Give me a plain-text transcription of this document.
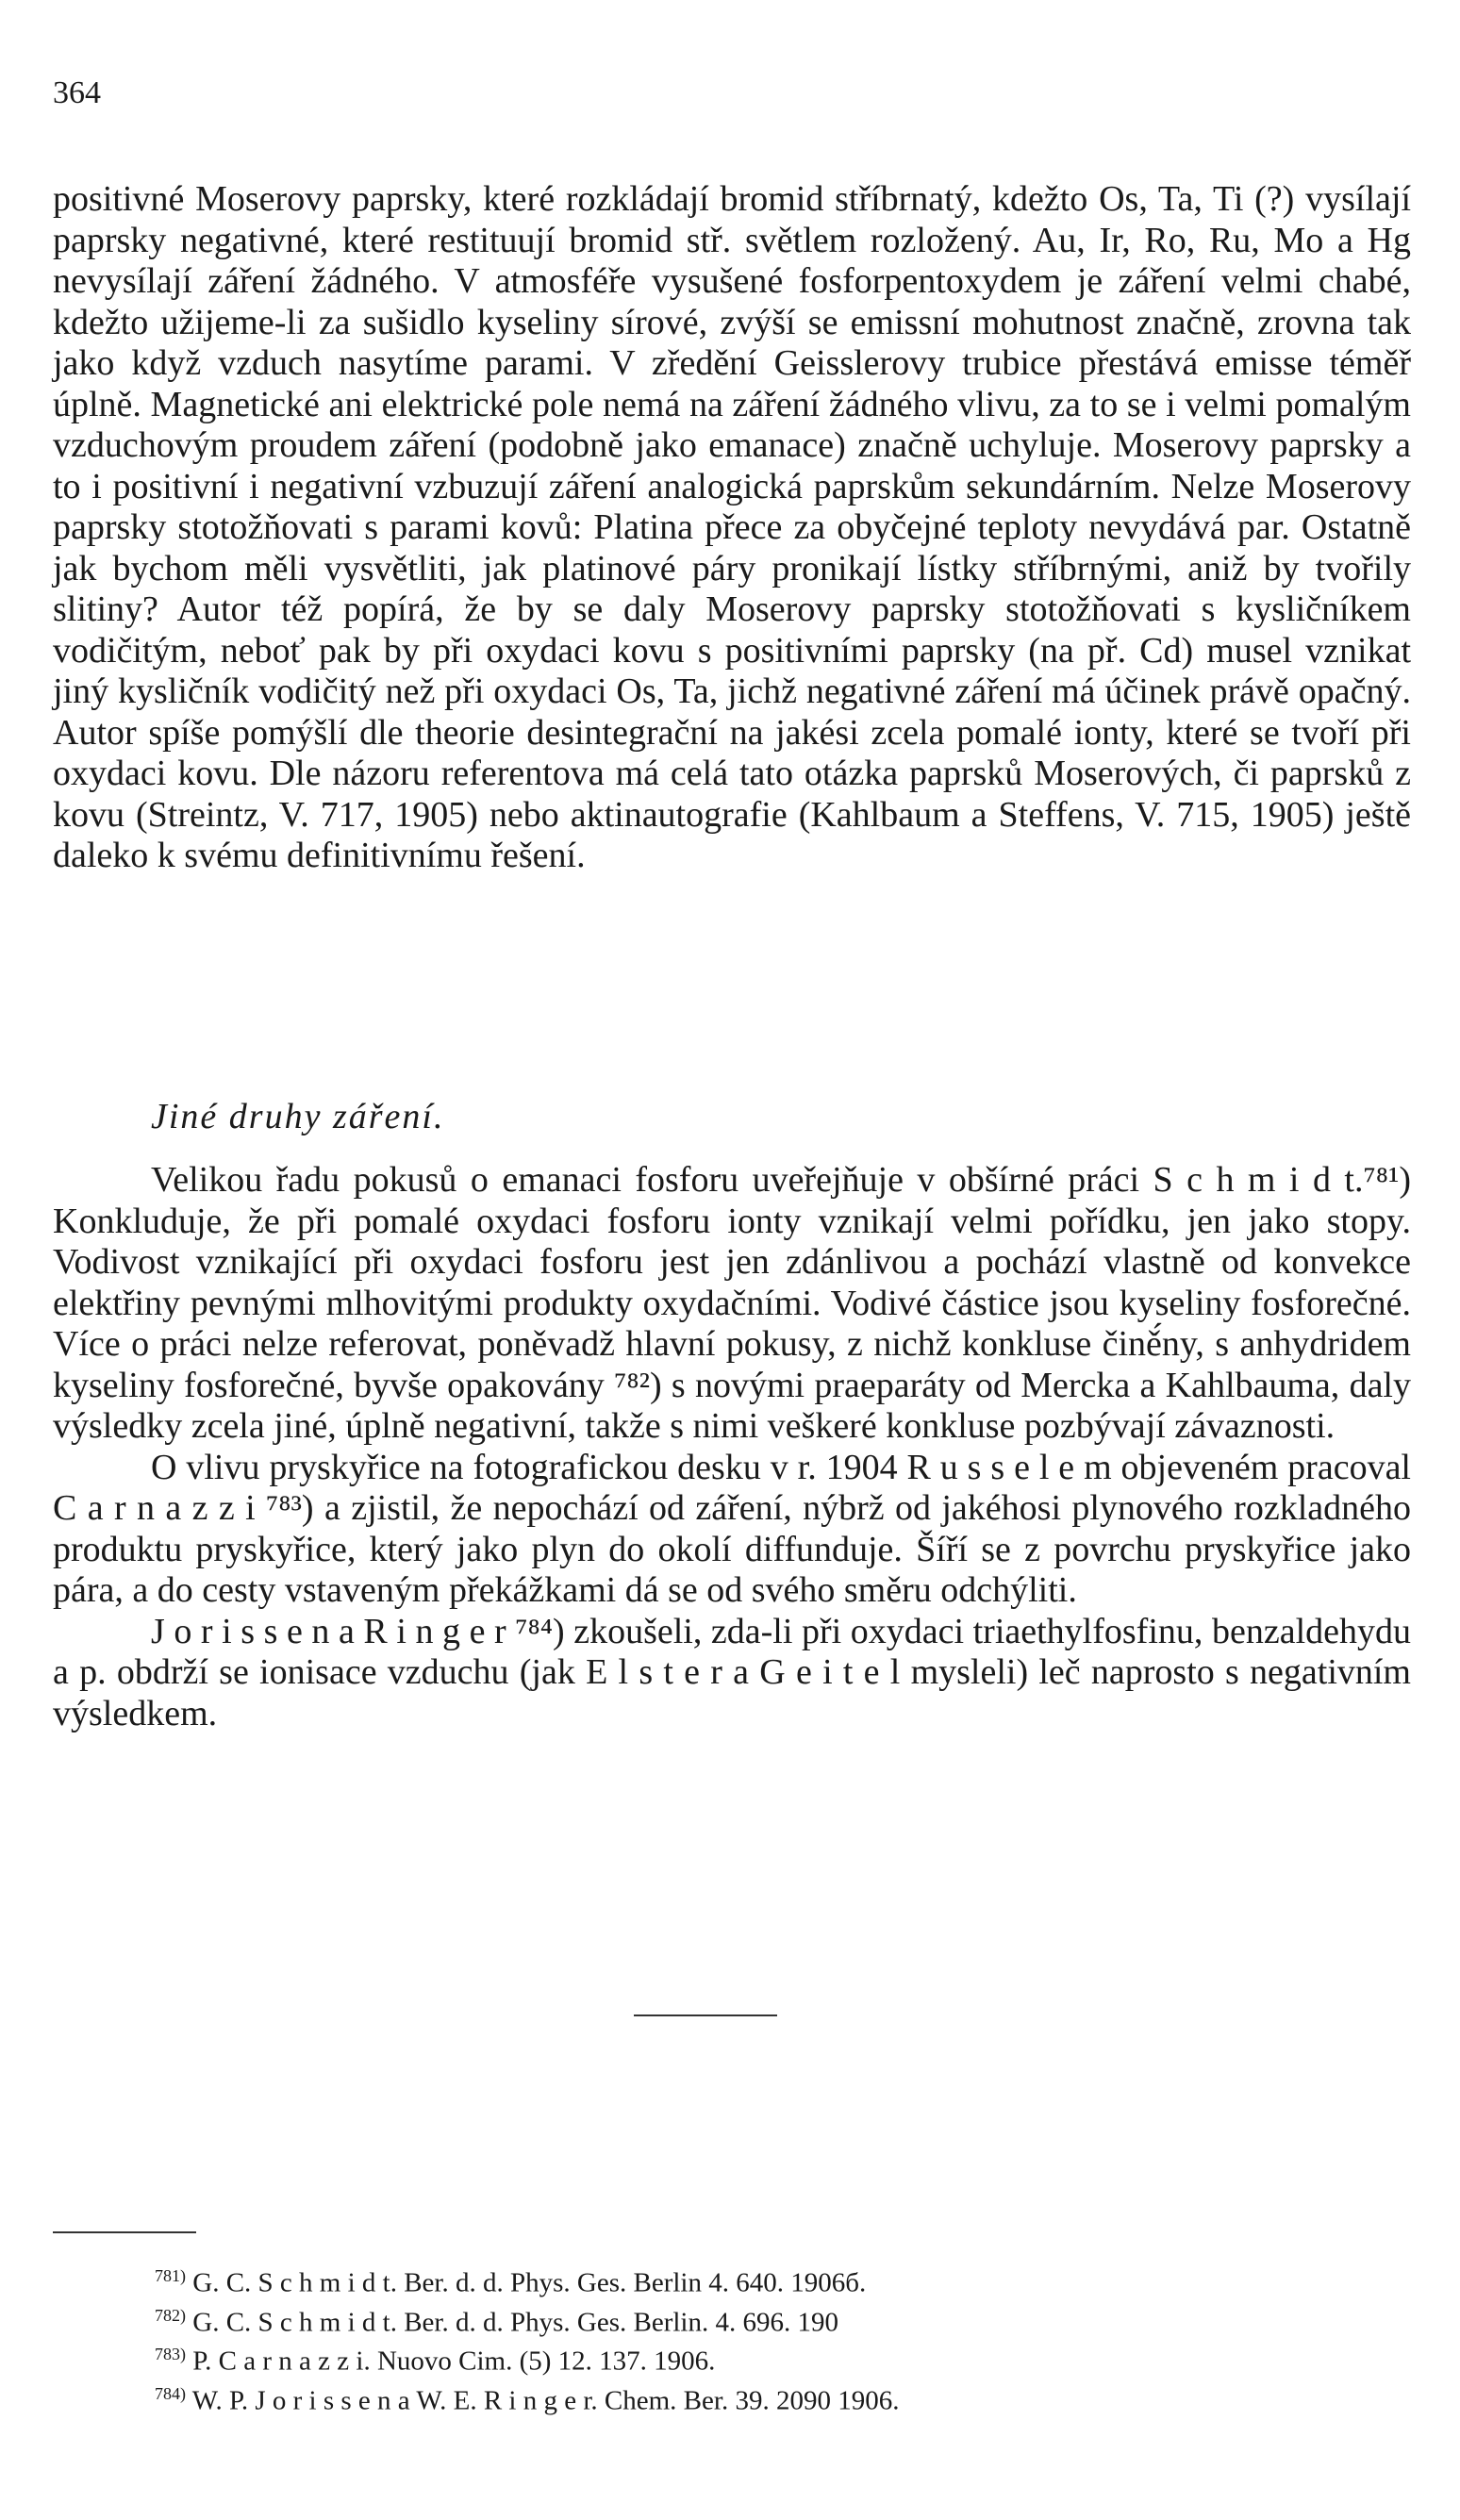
364

positivné Moserovy paprsky, které rozkládají bromid stříbrnatý, kdežto Os, Ta, Ti (?) vysílají paprsky negativné, které restituují bromid stř. světlem rozložený. Au, Ir, Ro, Ru, Mo a Hg nevysílají záření žádného. V atmosféře vysušené fosforpentoxydem je záření velmi chabé, kdežto užijeme-li za sušidlo kyseliny sírové, zvýší se emissní mohutnost značně, zrovna tak jako když vzduch nasytíme parami. V zředění Geisslerovy trubice přestává emisse téměř úplně. Magnetické ani elektrické pole nemá na záření žádného vlivu, za to se i velmi pomalým vzduchovým proudem záření (podobně jako emanace) značně uchyluje. Moserovy paprsky a to i positivní i negativní vzbuzují záření analogická paprskům sekundárním. Nelze Moserovy paprsky stotožňovati s parami kovů: Platina přece za obyčejné teploty nevydává par. Ostatně jak bychom měli vysvětliti, jak platinové páry pronikají lístky stříbrnými, aniž by tvořily slitiny? Autor též popírá, že by se daly Moserovy paprsky stotožňovati s kysličníkem vodičitým, neboť pak by při oxydaci kovu s positivními paprsky (na př. Cd) musel vznikat jiný kysličník vodičitý než při oxydaci Os, Ta, jichž negativné záření má účinek právě opačný. Autor spíše pomýšlí dle theorie desintegrační na jakési zcela pomalé ionty, které se tvoří při oxydaci kovu. Dle názoru referentova má celá tato otázka paprsků Moserových, či paprsků z kovu (Streintz, V. 717, 1905) nebo aktinautografie (Kahlbaum a Steffens, V. 715, 1905) ještě daleko k svému definitivnímu řešení.

Jiné druhy záření.

Velikou řadu pokusů o emanaci fosforu uveřejňuje v obšírné práci S c h m i d t.⁷⁸¹) Konkluduje, že při pomalé oxydaci fosforu ionty vznikají velmi pořídku, jen jako stopy. Vodivost vznikající při oxydaci fosforu jest jen zdánlivou a pochází vlastně od konvekce elektřiny pevnými mlhovitými produkty oxydačními. Vodivé částice jsou kyseliny fosforečné. Více o práci nelze referovat, poněvadž hlavní pokusy, z nichž konkluse čině́ny, s anhydridem kyseliny fosforečné, byvše opakovány ⁷⁸²) s novými praeparáty od Mercka a Kahlbauma, daly výsledky zcela jiné, úplně negativní, takže s nimi veškeré konkluse pozbývají závaznosti.

O vlivu pryskyřice na fotografickou desku v r. 1904 R u s s e l e m objeveném pracoval C a r n a z z i ⁷⁸³) a zjistil, že nepochází od záření, nýbrž od jakéhosi plynového rozkladného produktu pryskyřice, který jako plyn do okolí diffunduje. Šíří se z povrchu pryskyřice jako pára, a do cesty vstaveným překážkami dá se od svého směru odchýliti.

J o r i s s e n a R i n g e r ⁷⁸⁴) zkoušeli, zda-li při oxydaci triaethylfosfinu, benzaldehydu a p. obdrží se ionisace vzduchu (jak E l s t e r a G e i t e l mysleli) leč naprosto s negativním výsledkem.

$^{781)}$ G. C. S c h m i d t. Ber. d. d. Phys. Ges. Berlin 4. 640. 1906б.

$^{782)}$ G. C. S c h m i d t. Ber. d. d. Phys. Ges. Berlin. 4. 696. 190

$^{783)}$ P. C a r n a z z i. Nuovo Cim. (5) 12. 137. 1906.

$^{784)}$ W. P. J o r i s s e n a W. E. R i n g e r. Chem. Ber. 39. 2090 1906.
